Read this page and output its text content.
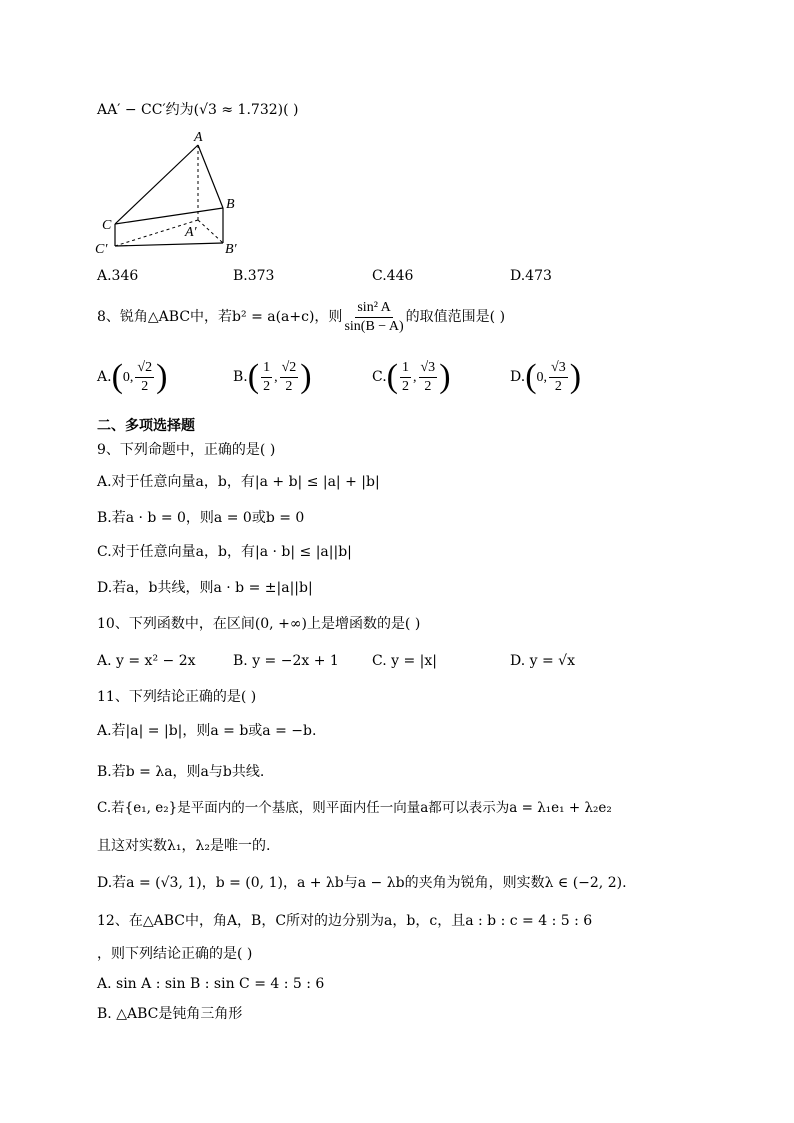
AA′ − CC′约为(√3 ≈ 1.732)( )
A
B
C
C′
A′
B′
A.346	B.373	C.446	D.473
8、锐角△ABC中，若b² = a(a+c)，则 $\frac{\text{sin² A}}{\sin(B - A)}$ 的取值范围是( )
A.(0, $\frac{√2}{2}$ )	$B.( \frac{1}{2}$ , $\frac{√2}{2}$ )	$C.( \frac{1}{2}$ , $\frac{√3}{2}$ )	D.(0, $\frac{√3}{2}$ )
二、多项选择题
9、下列命题中，正确的是( )
A.对于任意向量a，b，有|a + b| ≤ |a| + |b|
B.若a · b = 0，则a = 0或b = 0
C.对于任意向量a，b，有|a · b| ≤ |a||b|
D.若a，b共线，则a · b = ±|a||b|
10、下列函数中，在区间(0, +∞)上是增函数的是( )
A. y = x² − 2x	B. y = −2x + 1 C. y = |x|	D. y = √x
11、下列结论正确的是( )
A.若|a| = |b|，则a = b或a = −b.
B.若b = λa，则a与b共线.
C.若{e₁, e₂}是平面内的一个基底，则平面内任一向量a都可以表示为a = λ₁e₁ + λ₂e₂
且这对实数λ₁，λ₂是唯一的.
D.若a = (√3, 1)，b = (0, 1)，a + λb与a − λb的夹角为锐角，则实数λ ∈ (−2, 2).
12、在△ABC中，角A，B，C所对的边分别为a，b，c，且a : b : c = 4 : 5 : 6
，则下列结论正确的是( )
A. sin A : sin B : sin C = 4 : 5 : 6
B. △ABC是钝角三角形
